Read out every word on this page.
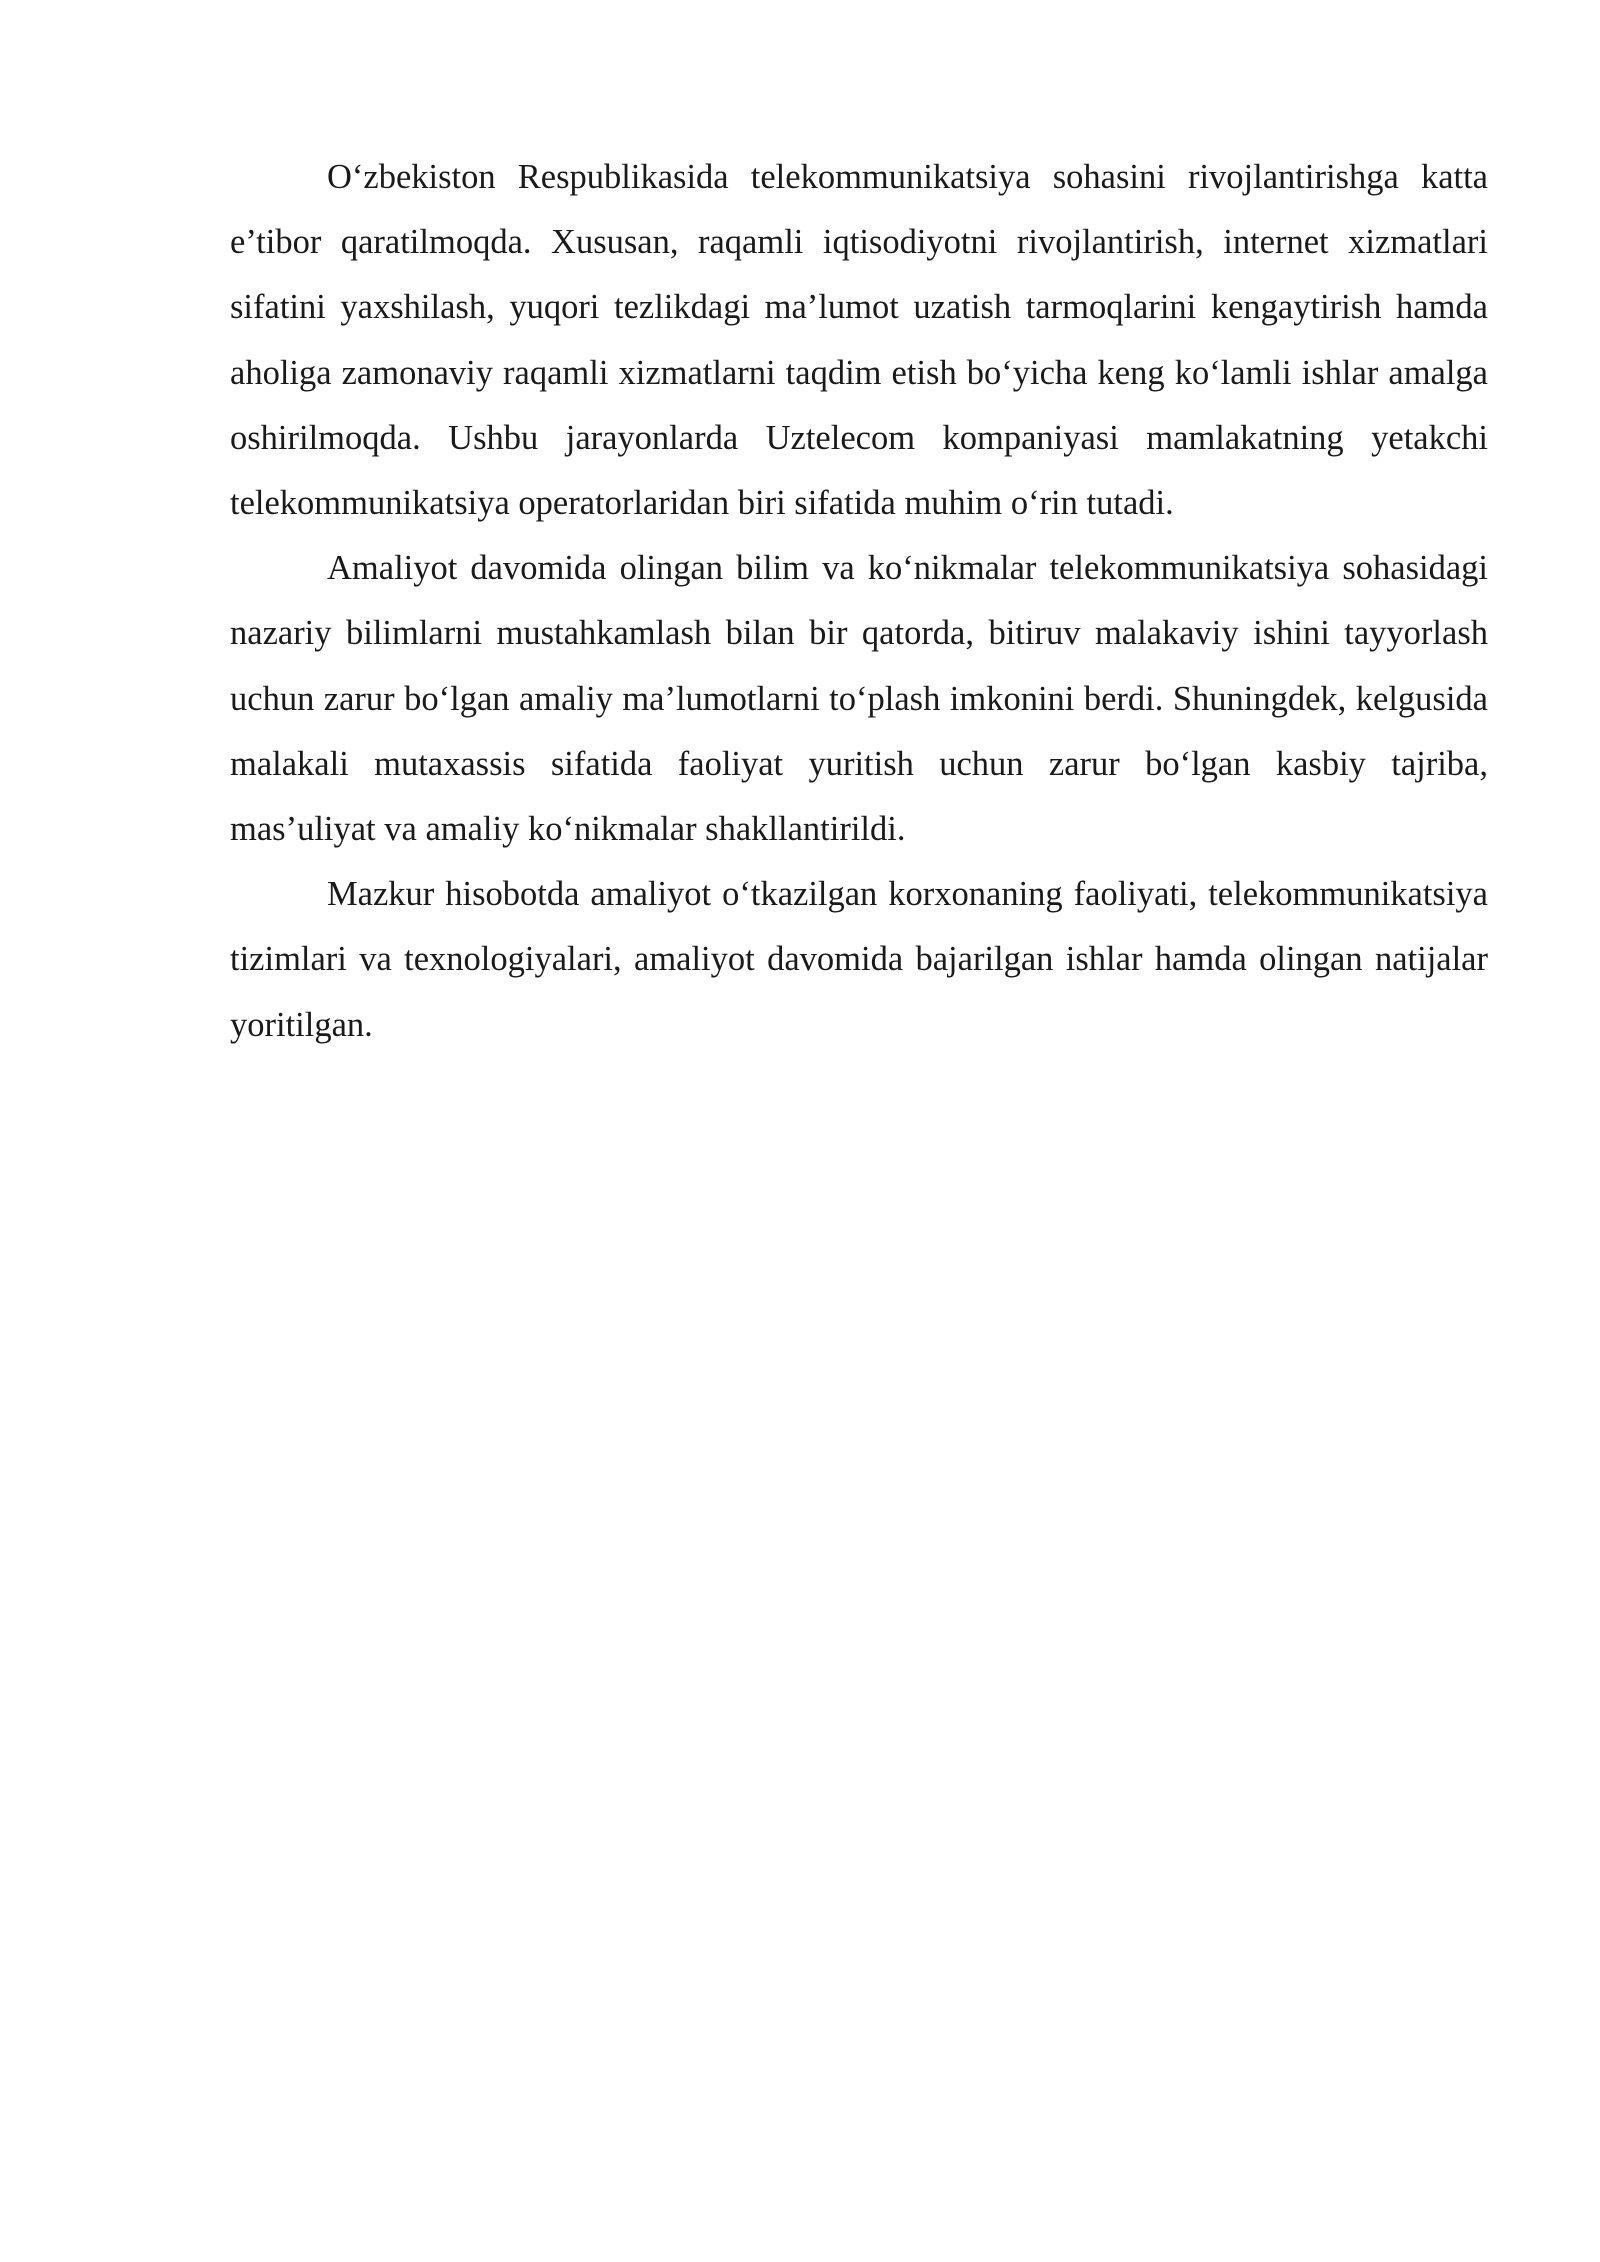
O‘zbekiston Respublikasida telekommunikatsiya sohasini rivojlantirishga katta e’tibor qaratilmoqda. Xususan, raqamli iqtisodiyotni rivojlantirish, internet xizmatlari sifatini yaxshilash, yuqori tezlikdagi ma’lumot uzatish tarmoqlarini kengaytirish hamda aholiga zamonaviy raqamli xizmatlarni taqdim etish bo‘yicha keng ko‘lamli ishlar amalga oshirilmoqda. Ushbu jarayonlarda Uztelecom kompaniyasi mamlakatning yetakchi telekommunikatsiya operatorlaridan biri sifatida muhim o‘rin tutadi.

Amaliyot davomida olingan bilim va ko‘nikmalar telekommunikatsiya sohasidagi nazariy bilimlarni mustahkamlash bilan bir qatorda, bitiruv malakaviy ishini tayyorlash uchun zarur bo‘lgan amaliy ma’lumotlarni to‘plash imkonini berdi. Shuningdek, kelgusida malakali mutaxassis sifatida faoliyat yuritish uchun zarur bo‘lgan kasbiy tajriba, mas’uliyat va amaliy ko‘nikmalar shakllantirildi.

Mazkur hisobotda amaliyot o‘tkazilgan korxonaning faoliyati, telekommunikatsiya tizimlari va texnologiyalari, amaliyot davomida bajarilgan ishlar hamda olingan natijalar yoritilgan.
